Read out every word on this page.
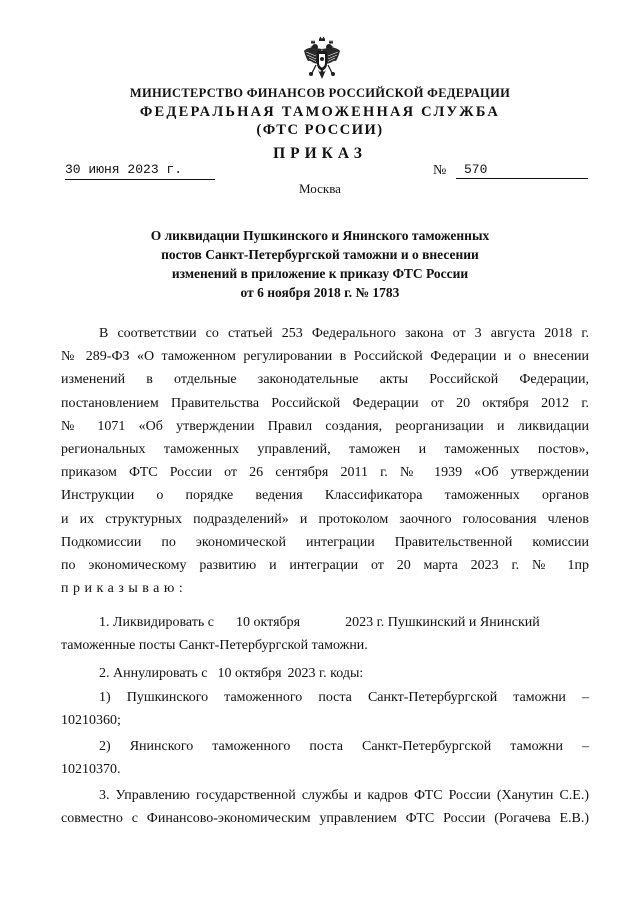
МИНИСТЕРСТВО ФИНАНСОВ РОССИЙСКОЙ ФЕДЕРАЦИИ
ФЕДЕРАЛЬНАЯ ТАМОЖЕННАЯ СЛУЖБА
(ФТС РОССИИ)
ПРИКАЗ
30 июня 2023 г.	№	570
Москва
О ликвидации Пушкинского и Янинского таможенных
постов Санкт-Петербургской таможни и о внесении
изменений в приложение к приказу ФТС России
от 6 ноября 2018 г. № 1783
В соответствии со статьей 253 Федерального закона от 3 августа 2018 г.
№ 289-ФЗ «О таможенном регулировании в Российской Федерации и о внесении
изменений в отдельные законодательные акты Российской Федерации,
постановлением Правительства Российской Федерации от 20 октября 2012 г.
№ 1071 «Об утверждении Правил создания, реорганизации и ликвидации
региональных таможенных управлений, таможен и таможенных постов»,
приказом ФТС России от 26 сентября 2011 г. № 1939 «Об утверждении
Инструкции о порядке ведения Классификатора таможенных органов
и их структурных подразделений» и протоколом заочного голосования членов
Подкомиссии по экономической интеграции Правительственной комиссии
по экономическому развитию и интеграции от 20 марта 2023 г. № 1пр
приказываю:
1. Ликвидировать с 10 октября	2023 г. Пушкинский и Янинский
таможенные посты Санкт-Петербургской таможни.
2. Аннулировать с 10 октября 2023 г. коды:
1) Пушкинского таможенного поста Санкт-Петербургской таможни –
10210360;
2) Янинского таможенного поста Санкт-Петербургской таможни –
10210370.
3. Управлению государственной службы и кадров ФТС России (Ханутин С.Е.)
совместно с Финансово-экономическим управлением ФТС России (Рогачева Е.В.)
